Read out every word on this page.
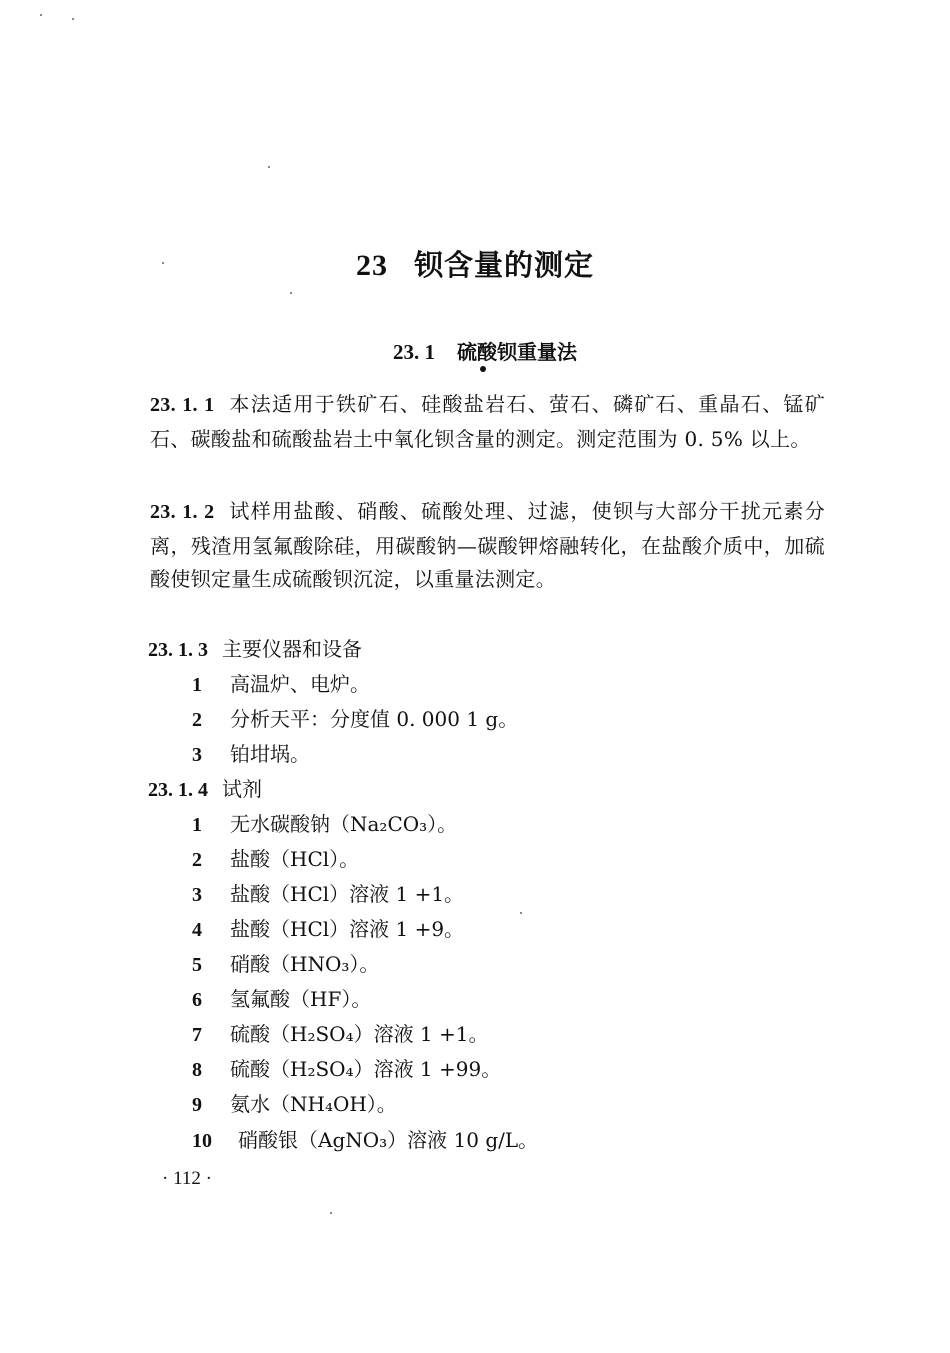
23 钡含量的测定
23. 1 硫酸钡重量法
23. 1. 1 本法适用于铁矿石、硅酸盐岩石、萤石、磷矿石、重晶石、锰矿石、碳酸盐和硫酸盐岩土中氧化钡含量的测定。测定范围为 0. 5% 以上。
23. 1. 2 试样用盐酸、硝酸、硫酸处理、过滤，使钡与大部分干扰元素分离，残渣用氢氟酸除硅，用碳酸钠—碳酸钾熔融转化，在盐酸介质中，加硫酸使钡定量生成硫酸钡沉淀，以重量法测定。
23. 1. 3 主要仪器和设备
1 高温炉、电炉。
2 分析天平：分度值 0. 000 1 g。
3 铂坩埚。
23. 1. 4 试剂
1 无水碳酸钠（Na₂CO₃）。
2 盐酸（HCl）。
3 盐酸（HCl）溶液 1 +1。
4 盐酸（HCl）溶液 1 +9。
5 硝酸（HNO₃）。
6 氢氟酸（HF）。
7 硫酸（H₂SO₄）溶液 1 +1。
8 硫酸（H₂SO₄）溶液 1 +99。
9 氨水（NH₄OH）。
10 硝酸银（AgNO₃）溶液 10 g/L。
· 112 ·
